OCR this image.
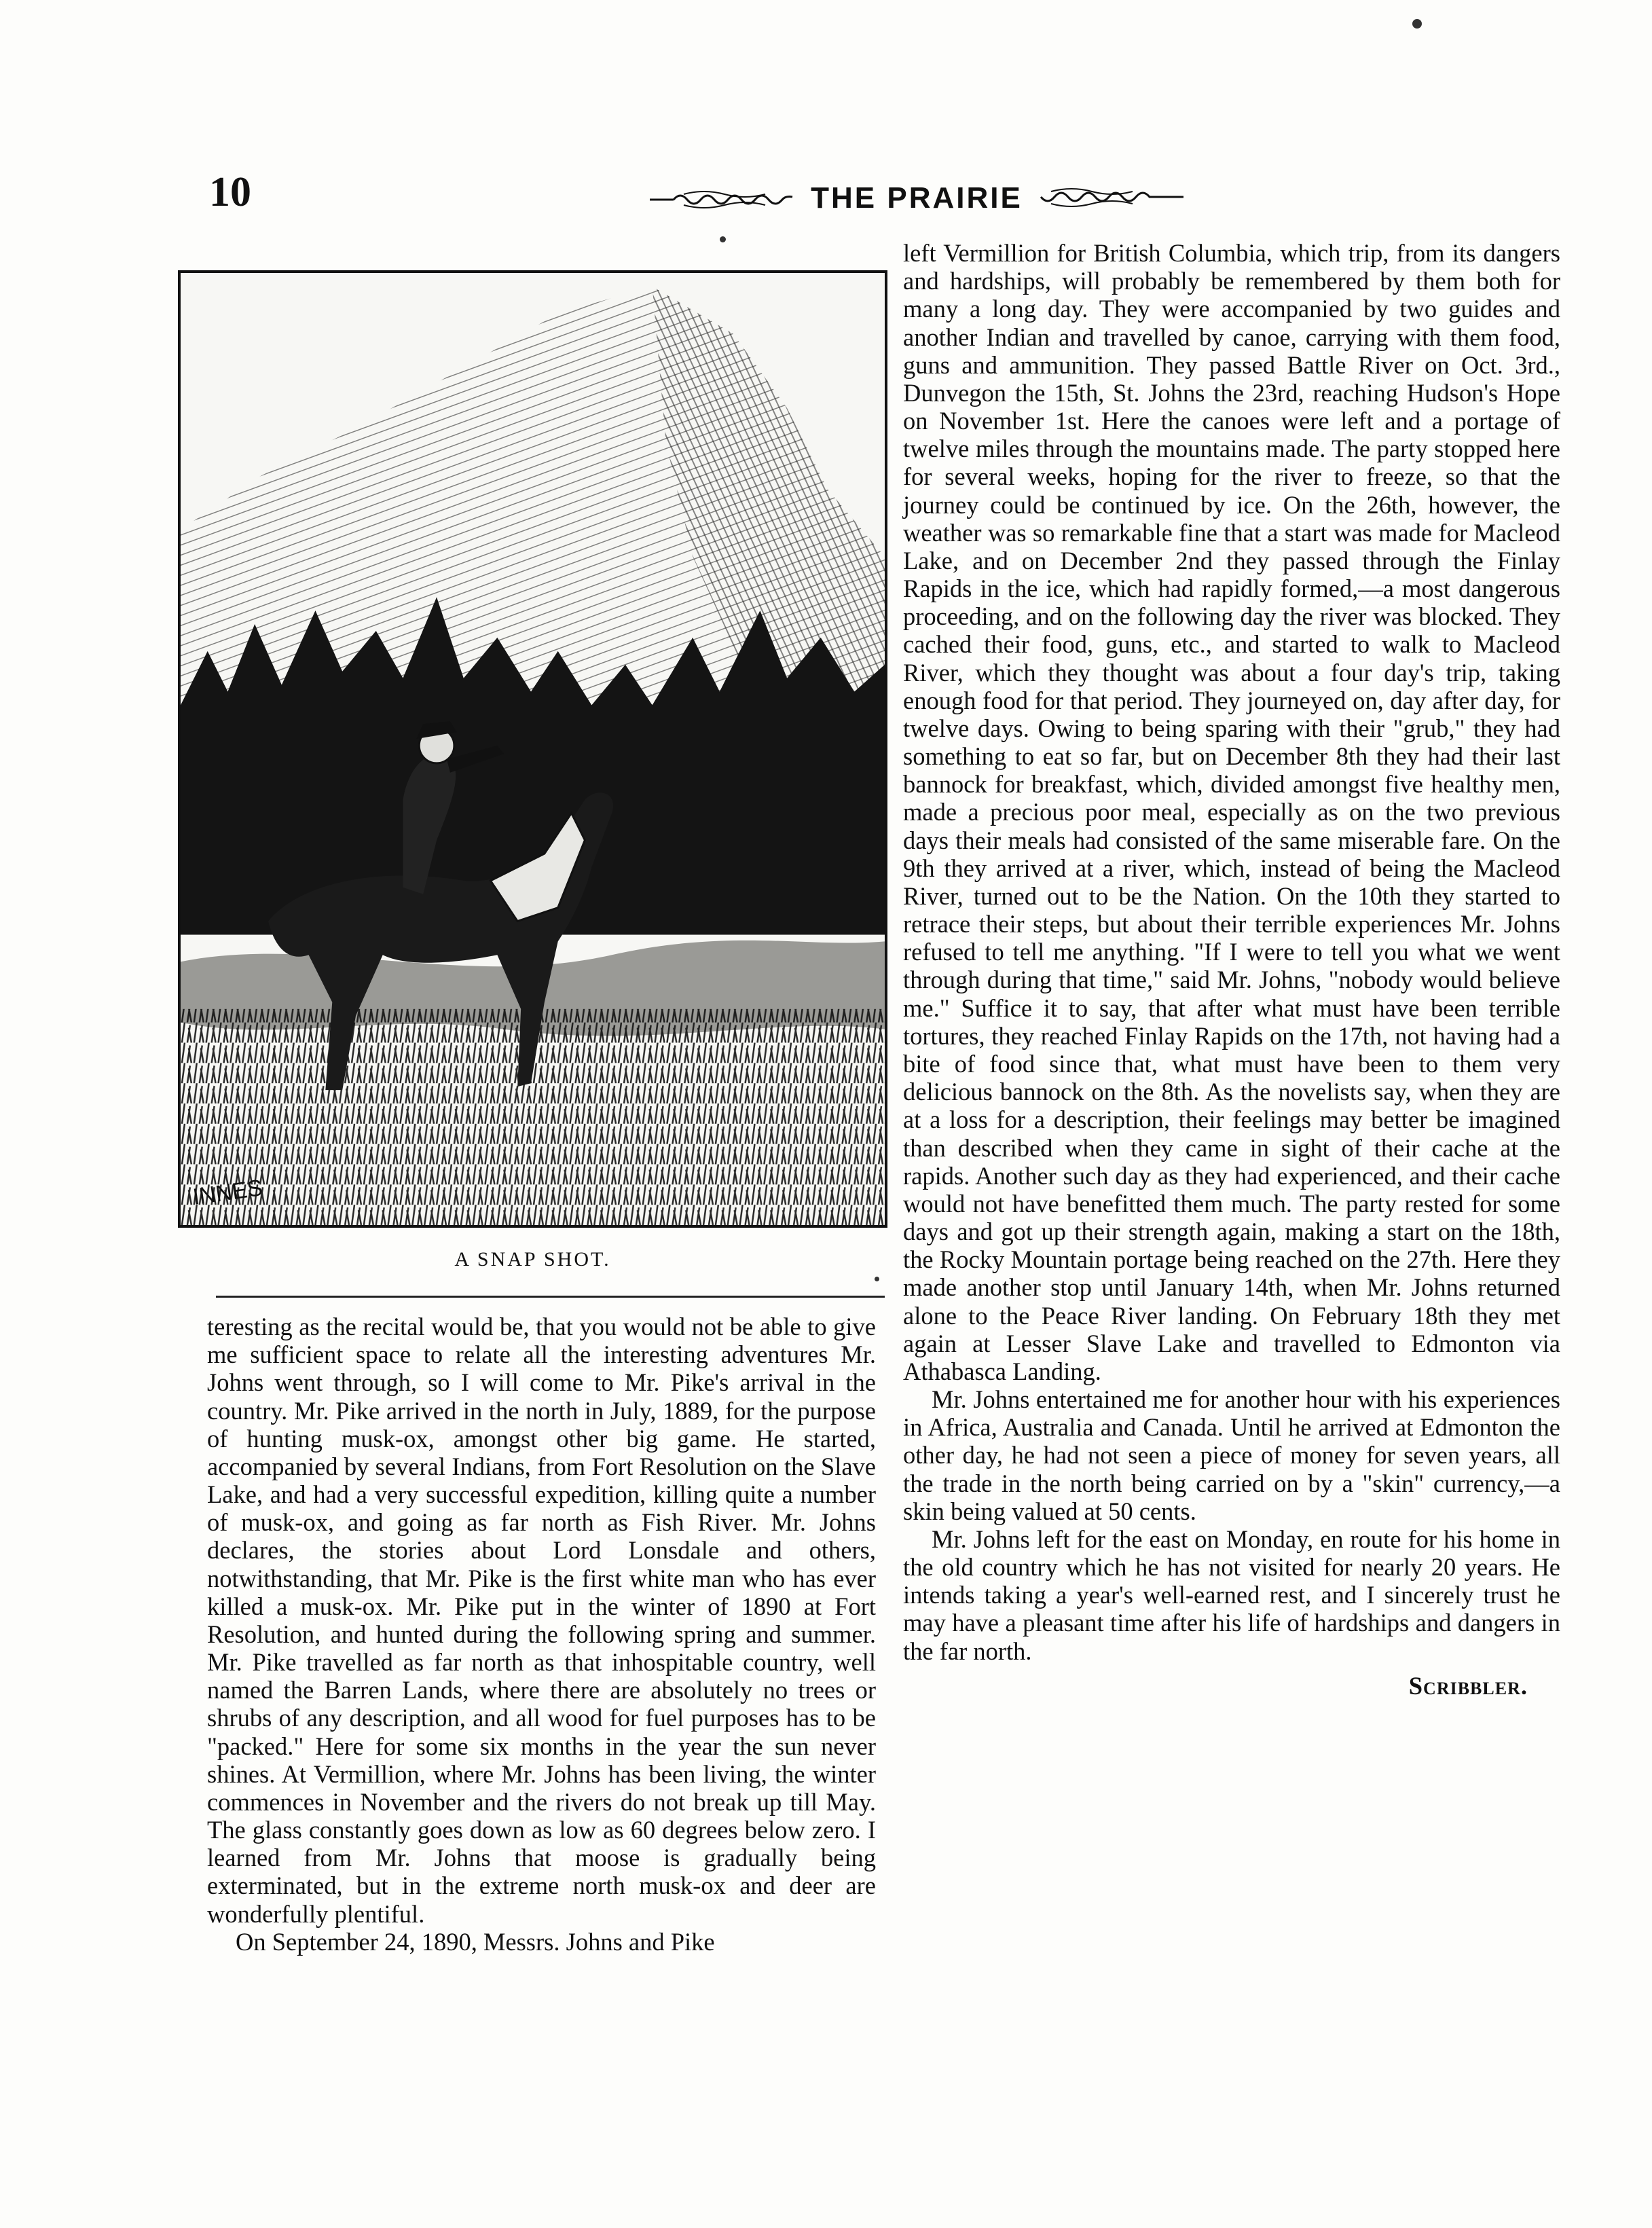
10	THE PRAIRIE
INNES
A SNAP SHOT.

teresting as the recital would be, that you would not be able to give me sufficient space to relate all the interesting adventures Mr. Johns went through, so I will come to Mr. Pike's arrival in the country. Mr. Pike arrived in the north in July, 1889, for the purpose of hunting musk-ox, amongst other big game. He started, accompanied by several Indians, from Fort Resolution on the Slave Lake, and had a very successful expedition, killing quite a number of musk-ox, and going as far north as Fish River. Mr. Johns declares, the stories about Lord Lonsdale and others, notwithstanding, that Mr. Pike is the first white man who has ever killed a musk-ox. Mr. Pike put in the winter of 1890 at Fort Resolution, and hunted during the following spring and summer. Mr. Pike travelled as far north as that inhospitable country, well named the Barren Lands, where there are absolutely no trees or shrubs of any description, and all wood for fuel purposes has to be "packed." Here for some six months in the year the sun never shines. At Vermillion, where Mr. Johns has been living, the winter commences in November and the rivers do not break up till May. The glass constantly goes down as low as 60 degrees below zero. I learned from Mr. Johns that moose is gradually being exterminated, but in the extreme north musk-ox and deer are wonderfully plentiful.

On September 24, 1890, Messrs. Johns and Pike

left Vermillion for British Columbia, which trip, from its dangers and hardships, will probably be remembered by them both for many a long day. They were accompanied by two guides and another Indian and travelled by canoe, carrying with them food, guns and ammunition. They passed Battle River on Oct. 3rd., Dunvegon the 15th, St. Johns the 23rd, reaching Hudson's Hope on November 1st. Here the canoes were left and a portage of twelve miles through the mountains made. The party stopped here for several weeks, hoping for the river to freeze, so that the journey could be continued by ice. On the 26th, however, the weather was so remarkable fine that a start was made for Macleod Lake, and on December 2nd they passed through the Finlay Rapids in the ice, which had rapidly formed,—a most dangerous proceeding, and on the following day the river was blocked. They cached their food, guns, etc., and started to walk to Macleod River, which they thought was about a four day's trip, taking enough food for that period. They journeyed on, day after day, for twelve days. Owing to being sparing with their "grub," they had something to eat so far, but on December 8th they had their last bannock for breakfast, which, divided amongst five healthy men, made a precious poor meal, especially as on the two previous days their meals had consisted of the same miserable fare. On the 9th they arrived at a river, which, instead of being the Macleod River, turned out to be the Nation. On the 10th they started to retrace their steps, but about their terrible experiences Mr. Johns refused to tell me anything. "If I were to tell you what we went through during that time," said Mr. Johns, "nobody would believe me." Suffice it to say, that after what must have been terrible tortures, they reached Finlay Rapids on the 17th, not having had a bite of food since that, what must have been to them very delicious bannock on the 8th. As the novelists say, when they are at a loss for a description, their feelings may better be imagined than described when they came in sight of their cache at the rapids. Another such day as they had experienced, and their cache would not have benefitted them much. The party rested for some days and got up their strength again, making a start on the 18th, the Rocky Mountain portage being reached on the 27th. Here they made another stop until January 14th, when Mr. Johns returned alone to the Peace River landing. On February 18th they met again at Lesser Slave Lake and travelled to Edmonton via Athabasca Landing.

Mr. Johns entertained me for another hour with his experiences in Africa, Australia and Canada. Until he arrived at Edmonton the other day, he had not seen a piece of money for seven years, all the trade in the north being carried on by a "skin" currency,—a skin being valued at 50 cents.

Mr. Johns left for the east on Monday, en route for his home in the old country which he has not visited for nearly 20 years. He intends taking a year's well-earned rest, and I sincerely trust he may have a pleasant time after his life of hardships and dangers in the far north.

Scribbler.
